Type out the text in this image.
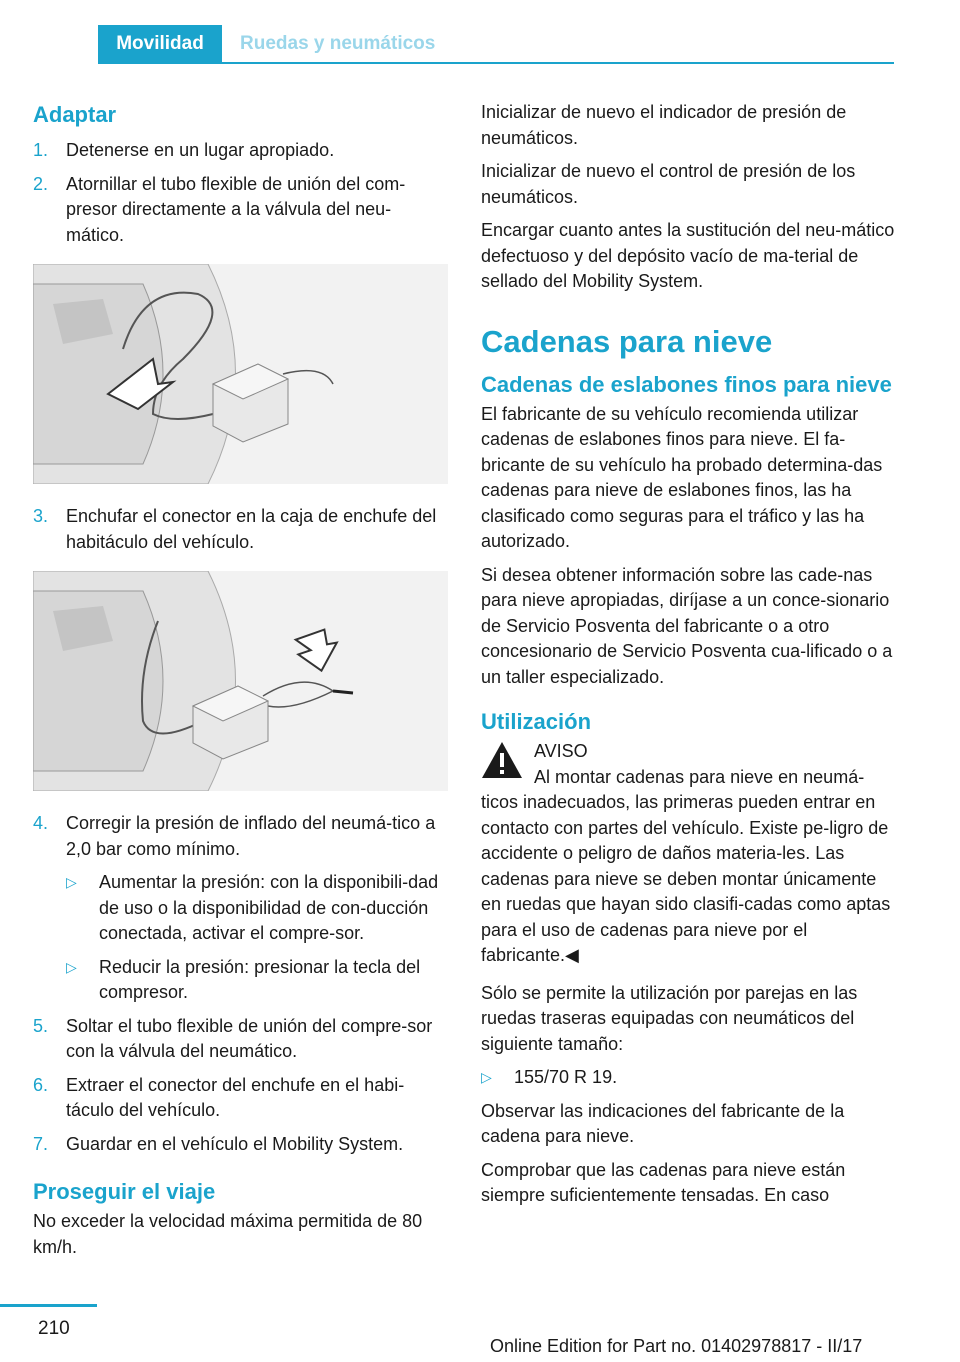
Movilidad	Ruedas y neumáticos
Adaptar
1. Detenerse en un lugar apropiado.
2. Atornillar el tubo flexible de unión del com-presor directamente a la válvula del neu-mático.
3. Enchufar el conector en la caja de enchufe del habitáculo del vehículo.
4. Corregir la presión de inflado del neumá-tico a 2,0 bar como mínimo.
▷ Aumentar la presión: con la disponibili-dad de uso o la disponibilidad de con-ducción conectada, activar el compre-sor.
▷ Reducir la presión: presionar la tecla del compresor.
5. Soltar el tubo flexible de unión del compre-sor con la válvula del neumático.
6. Extraer el conector del enchufe en el habi-táculo del vehículo.
7. Guardar en el vehículo el Mobility System.
Proseguir el viaje

No exceder la velocidad máxima permitida de 80 km/h.

Inicializar de nuevo el indicador de presión de neumáticos.

Inicializar de nuevo el control de presión de los neumáticos.

Encargar cuanto antes la sustitución del neu-mático defectuoso y del depósito vacío de ma-terial de sellado del Mobility System.

Cadenas para nieve
Cadenas de eslabones finos para nieve

El fabricante de su vehículo recomienda utilizar cadenas de eslabones finos para nieve. El fa-bricante de su vehículo ha probado determina-das cadenas para nieve de eslabones finos, las ha clasificado como seguras para el tráfico y las ha autorizado.

Si desea obtener información sobre las cade-nas para nieve apropiadas, diríjase a un conce-sionario de Servicio Posventa del fabricante o a otro concesionario de Servicio Posventa cua-lificado o a un taller especializado.

Utilización
AVISO
Al montar cadenas para nieve en neumá-ticos inadecuados, las primeras pueden entrar en contacto con partes del vehículo. Existe pe-ligro de accidente o peligro de daños materia-les. Las cadenas para nieve se deben montar únicamente en ruedas que hayan sido clasifi-cadas como aptas para el uso de cadenas para nieve por el fabricante.◀

Sólo se permite la utilización por parejas en las ruedas traseras equipadas con neumáticos del siguiente tamaño:

▷ 155/70 R 19.

Observar las indicaciones del fabricante de la cadena para nieve.

Comprobar que las cadenas para nieve están siempre suficientemente tensadas. En caso

210
Online Edition for Part no. 01402978817 - II/17
